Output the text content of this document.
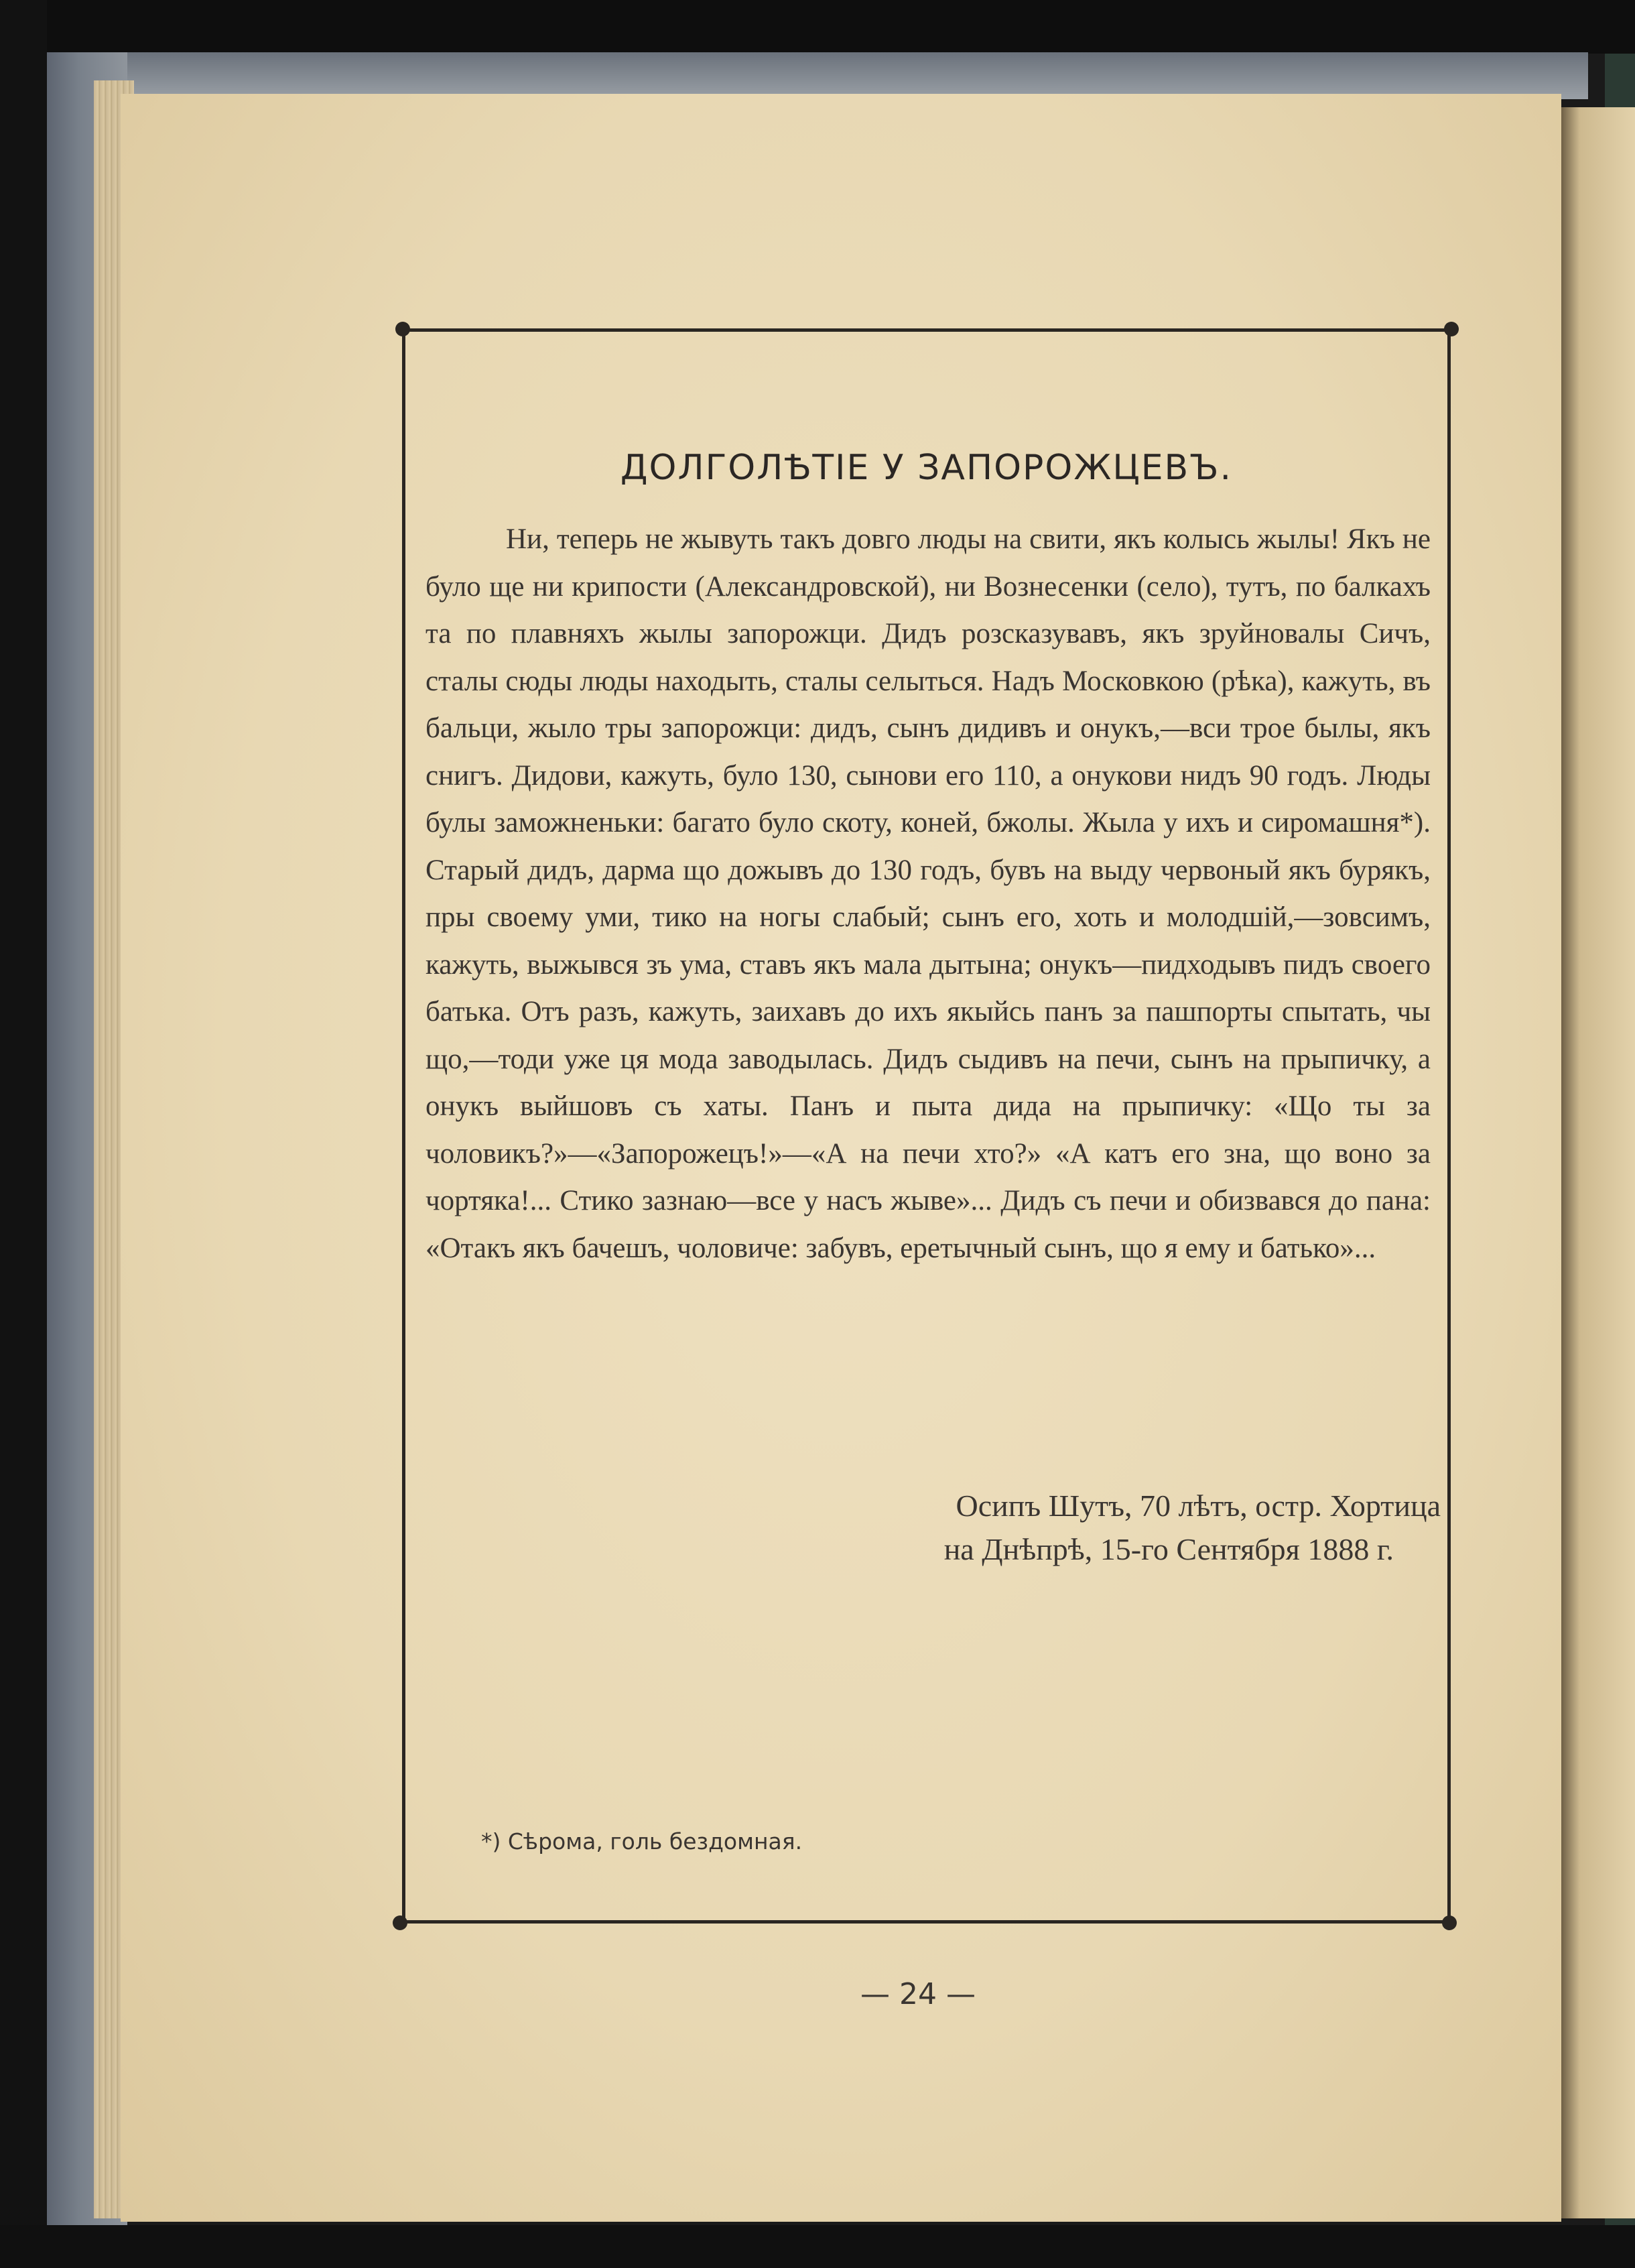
ДОЛГОЛѢТІЕ У ЗАПОРОЖЦЕВЪ.
Ни, теперь не жывуть такъ довго люды на свити, якъ колысь жылы! Якъ не було ще ни крипости (Александровской), ни Вознесенки (село), тутъ, по балкахъ та по плавняхъ жылы запорожци. Дидъ розсказувавъ, якъ зруйновалы Сичъ, сталы сюды люды находыть, сталы селыться. Надъ Московкою (рѣка), кажуть, въ бальци, жыло тры запорожци: дидъ, сынъ дидивъ и онукъ,—вси трое былы, якъ снигъ. Дидови, кажуть, було 130, сынови его 110, а онукови нидъ 90 годъ. Люды булы заможненьки: багато було скоту, коней, бжолы. Жыла у ихъ и сиромашня*). Старый дидъ, дарма що дожывъ до 130 годъ, бувъ на выду червоный якъ бурякъ, пры своему уми, тико на ногы слабый; сынъ его, хоть и молодшій,—зовсимъ, кажуть, выжывся зъ ума, ставъ якъ мала дытына; онукъ—пидходывъ пидъ своего батька. Отъ разъ, кажуть, заихавъ до ихъ якыйсь панъ за пашпорты спытать, чы що,—тоди уже ця мода заводылась. Дидъ сыдивъ на печи, сынъ на прыпичку, а онукъ выйшовъ съ хаты. Панъ и пыта дида на прыпичку: «Що ты за чоловикъ?»—«Запорожецъ!»—«А на печи хто?» «А катъ его зна, що воно за чортяка!... Стико зазнаю—все у насъ жыве»... Дидъ съ печи и обизвався до пана: «Отакъ якъ бачешъ, чоловиче: забувъ, еретычный сынъ, що я ему и батько»...
Осипъ Шутъ, 70 лѣтъ, остр. Хортица
на Днѣпрѣ, 15-го Сентября 1888 г.
*) Сѣрома, голь бездомная.
— 24 —
